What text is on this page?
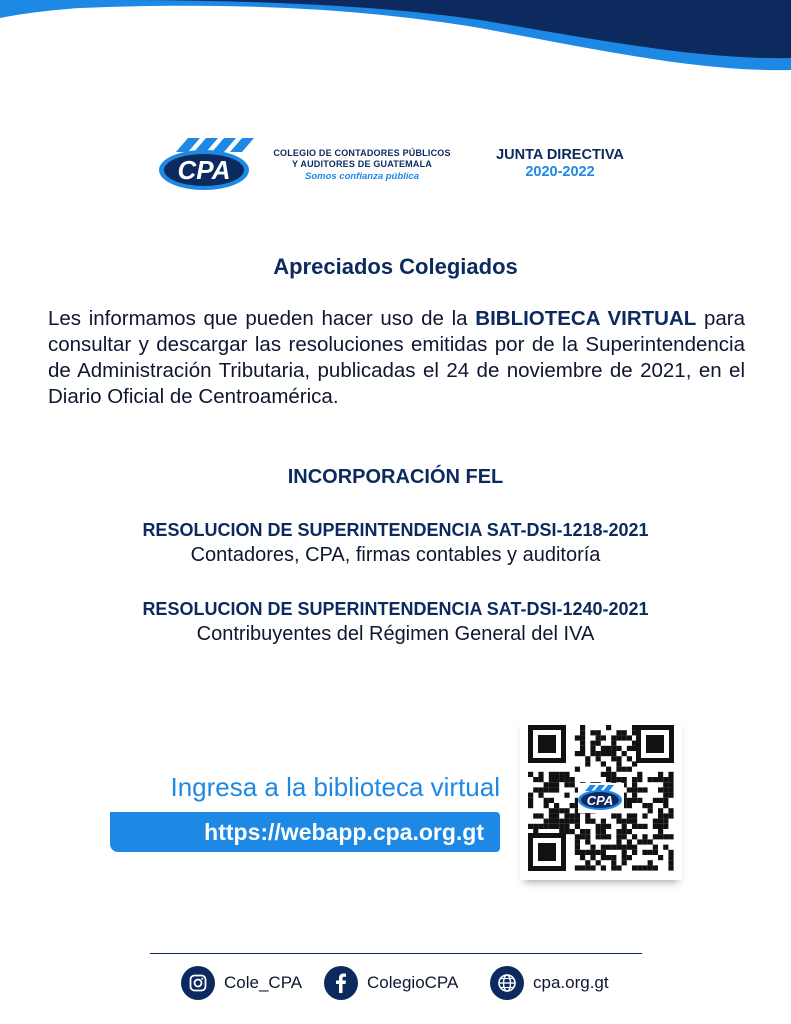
CPA
COLEGIO DE CONTADORES PÚBLICOS
Y AUDITORES DE GUATEMALA
Somos confianza pública
JUNTA DIRECTIVA
2020-2022
Apreciados Colegiados
Les informamos que pueden hacer uso de la BIBLIOTECA VIRTUAL para consultar y descargar las resoluciones emitidas por de la Superintendencia de Administración Tributaria, publicadas el 24 de noviembre de 2021, en el Diario Oficial de Centroamérica.
INCORPORACIÓN FEL
RESOLUCION DE SUPERINTENDENCIA SAT-DSI-1218-2021
Contadores, CPA, firmas contables y auditoría
RESOLUCION DE SUPERINTENDENCIA SAT-DSI-1240-2021
Contribuyentes del Régimen General del IVA
Ingresa a la biblioteca virtual
https://webapp.cpa.org.gt
CPA
Cole_CPA	ColegioCPA	cpa.org.gt
